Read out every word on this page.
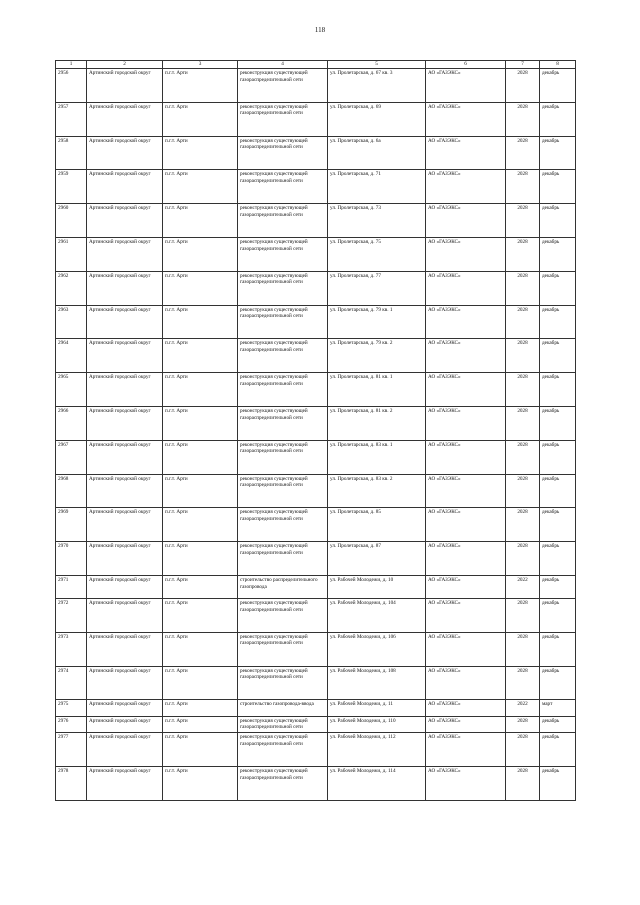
118
1	2	3	4	5	6	7	8
2956	Артинский городской округ	п.г.т. Арти	реконструкция существующей газораспределительной сети	ул. Пролетарская, д. 67 кв. 3	АО «ГАЗЭКС»	2028	декабрь
2957	Артинский городской округ	п.г.т. Арти	реконструкция существующей газораспределительной сети	ул. Пролетарская, д. 69	АО «ГАЗЭКС»	2028	декабрь
2958	Артинский городской округ	п.г.т. Арти	реконструкция существующей газораспределительной сети	ул. Пролетарская, д. 6a	АО «ГАЗЭКС»	2028	декабрь
2959	Артинский городской округ	п.г.т. Арти	реконструкция существующей газораспределительной сети	ул. Пролетарская, д. 71	АО «ГАЗЭКС»	2028	декабрь
2960	Артинский городской округ	п.г.т. Арти	реконструкция существующей газораспределительной сети	ул. Пролетарская, д. 73	АО «ГАЗЭКС»	2028	декабрь
2961	Артинский городской округ	п.г.т. Арти	реконструкция существующей газораспределительной сети	ул. Пролетарская, д. 75	АО «ГАЗЭКС»	2028	декабрь
2962	Артинский городской округ	п.г.т. Арти	реконструкция существующей газораспределительной сети	ул. Пролетарская, д. 77	АО «ГАЗЭКС»	2028	декабрь
2963	Артинский городской округ	п.г.т. Арти	реконструкция существующей газораспределительной сети	ул. Пролетарская, д. 79 кв. 1	АО «ГАЗЭКС»	2028	декабрь
2964	Артинский городской округ	п.г.т. Арти	реконструкция существующей газораспределительной сети	ул. Пролетарская, д. 79 кв. 2	АО «ГАЗЭКС»	2028	декабрь
2965	Артинский городской округ	п.г.т. Арти	реконструкция существующей газораспределительной сети	ул. Пролетарская, д. 81 кв. 1	АО «ГАЗЭКС»	2028	декабрь
2966	Артинский городской округ	п.г.т. Арти	реконструкция существующей газораспределительной сети	ул. Пролетарская, д. 81 кв. 2	АО «ГАЗЭКС»	2028	декабрь
2967	Артинский городской округ	п.г.т. Арти	реконструкция существующей газораспределительной сети	ул. Пролетарская, д. 83 кв. 1	АО «ГАЗЭКС»	2028	декабрь
2968	Артинский городской округ	п.г.т. Арти	реконструкция существующей газораспределительной сети	ул. Пролетарская, д. 83 кв. 2	АО «ГАЗЭКС»	2028	декабрь
2969	Артинский городской округ	п.г.т. Арти	реконструкция существующей газораспределительной сети	ул. Пролетарская, д. 85	АО «ГАЗЭКС»	2028	декабрь
2970	Артинский городской округ	п.г.т. Арти	реконструкция существующей газораспределительной сети	ул. Пролетарская, д. 87	АО «ГАЗЭКС»	2028	декабрь
2971	Артинский городской округ	п.г.т. Арти	строительство распределительного газопровода	ул. Рабочей Молодежи, д. 10	АО «ГАЗЭКС»	2022	декабрь
2972	Артинский городской округ	п.г.т. Арти	реконструкция существующей газораспределительной сети	ул. Рабочей Молодежи, д. 104	АО «ГАЗЭКС»	2028	декабрь
2973	Артинский городской округ	п.г.т. Арти	реконструкция существующей газораспределительной сети	ул. Рабочей Молодежи, д. 106	АО «ГАЗЭКС»	2028	декабрь
2974	Артинский городской округ	п.г.т. Арти	реконструкция существующей газораспределительной сети	ул. Рабочей Молодежи, д. 108	АО «ГАЗЭКС»	2028	декабрь
2975	Артинский городской округ	п.г.т. Арти	строительство газопровода-ввода	ул. Рабочей Молодежи, д. 11	АО «ГАЗЭКС»	2022	март
2976	Артинский городской округ	п.г.т. Арти	реконструкция существующей газораспределительной сети	ул. Рабочей Молодежи, д. 110	АО «ГАЗЭКС»	2028	декабрь
2977	Артинский городской округ	п.г.т. Арти	реконструкция существующей газораспределительной сети	ул. Рабочей Молодежи, д. 112	АО «ГАЗЭКС»	2028	декабрь
2978	Артинский городской округ	п.г.т. Арти	реконструкция существующей газораспределительной сети	ул. Рабочей Молодежи, д. 114	АО «ГАЗЭКС»	2028	декабрь
